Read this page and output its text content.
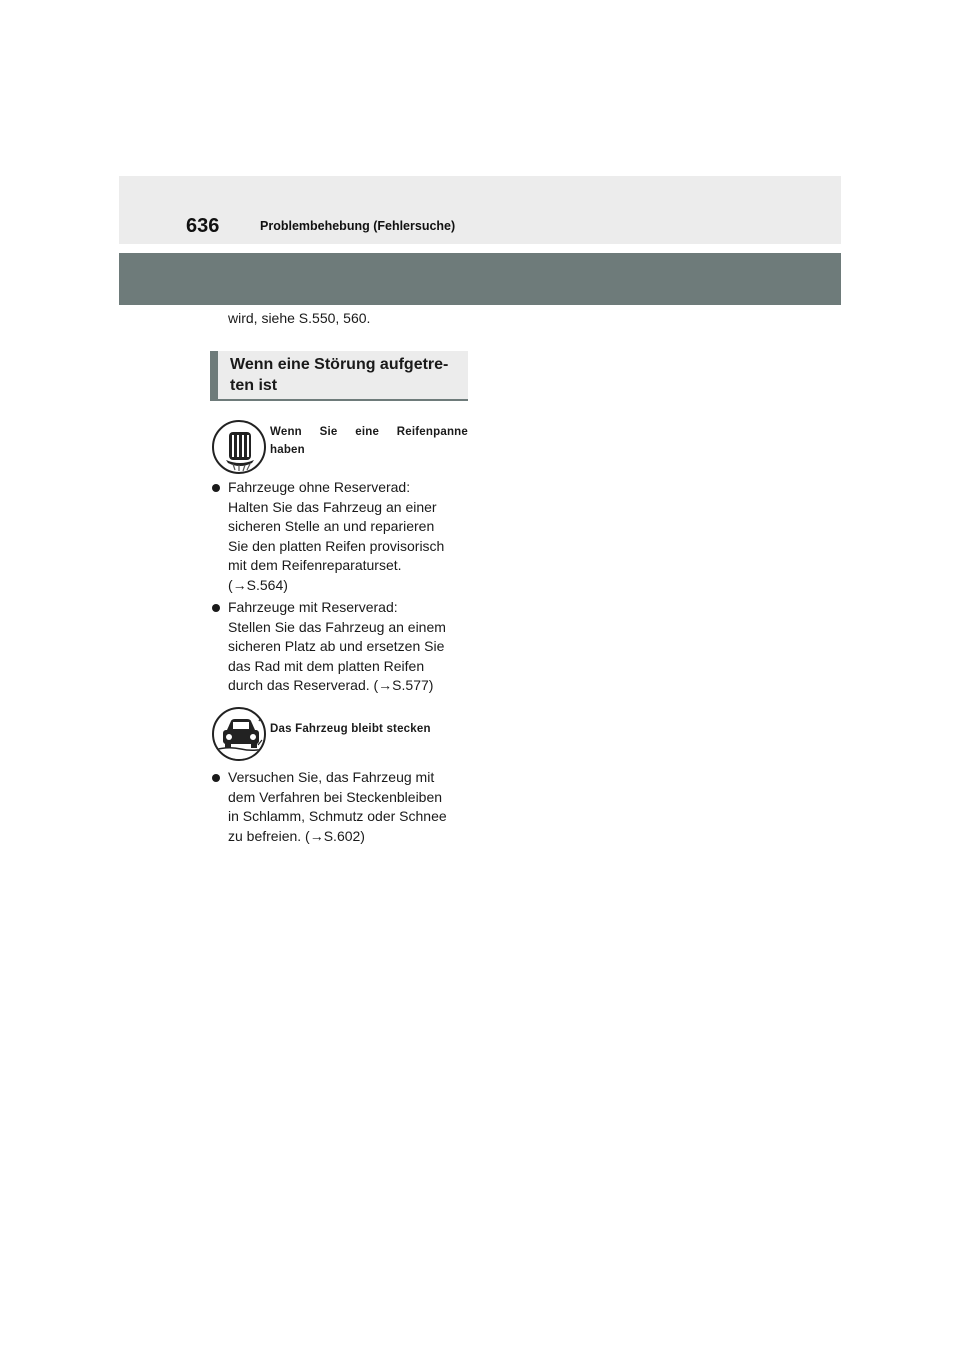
636	Problembehebung (Fehlersuche)
wird, siehe S.550, 560.
Wenn eine Störung aufgetre-
ten ist
Wenn Sie eine Reifenpanne
haben
Fahrzeuge ohne Reserverad:
Halten Sie das Fahrzeug an einer
sicheren Stelle an und reparieren
Sie den platten Reifen provisorisch
mit dem Reifenreparaturset.
(→S.564)
Fahrzeuge mit Reserverad:
Stellen Sie das Fahrzeug an einem
sicheren Platz ab und ersetzen Sie
das Rad mit dem platten Reifen
durch das Reserverad. (→S.577)
Das Fahrzeug bleibt stecken
Versuchen Sie, das Fahrzeug mit
dem Verfahren bei Steckenbleiben
in Schlamm, Schmutz oder Schnee
zu befreien. (→S.602)
